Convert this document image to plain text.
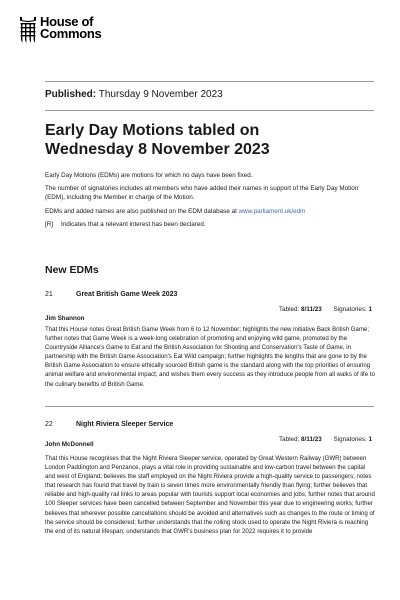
House of
Commons
Published: Thursday 9 November 2023
Early Day Motions tabled on
Wednesday 8 November 2023

Early Day Motions (EDMs) are motions for which no days have been fixed.

The number of signatories includes all members who have added their names in support of the Early Day Motion (EDM), including the Member in charge of the Motion.

EDMs and added names are also published on the EDM database at www.parliament.uk/edm

[R] Indicates that a relevant interest has been declared.

New EDMs
21	Great British Game Week 2023
Tabled: 8/11/23 Signatories: 1
Jim Shannon
That this House notes Great British Game Week from 6 to 12 November; highlights the new initiative Back British Game; further notes that Game Week is a week-long celebration of promoting and enjoying wild game, promoted by the Countryside Alliance's Game to Eat and the British Association for Shooting and Conservation's Taste of Game, in partnership with the British Game Association's Eat Wild campaign; further highlights the lengths that are gone to by the British Game Association to ensure ethically sourced British game is the standard along with the top priorities of ensuring animal welfare and environmental impact; and wishes them every success as they introduce people from all walks of life to the culinary benefits of British Game.
22	Night Riviera Sleeper Service
Tabled: 8/11/23 Signatories: 1
John McDonnell
That this House recognises that the Night Riviera Sleeper service, operated by Great Western Railway (GWR) between London Paddington and Penzance, plays a vital role in providing sustainable and low-carbon travel between the capital and west of England; believes the staff employed on the Night Riviera provide a high-quality service to passengers; notes that research has found that travel by train is seven times more environmentally friendly than flying; further believes that reliable and high-quality rail links to areas popular with tourists support local economies and jobs; further notes that around 100 Sleeper services have been cancelled between September and November this year due to engineering works; further believes that wherever possible cancellations should be avoided and alternatives such as changes to the route or timing of the service should be considered; further understands that the rolling stock used to operate the Night Riviera is reaching the end of its natural lifespan; understands that GWR's business plan for 2022 requires it to provide
